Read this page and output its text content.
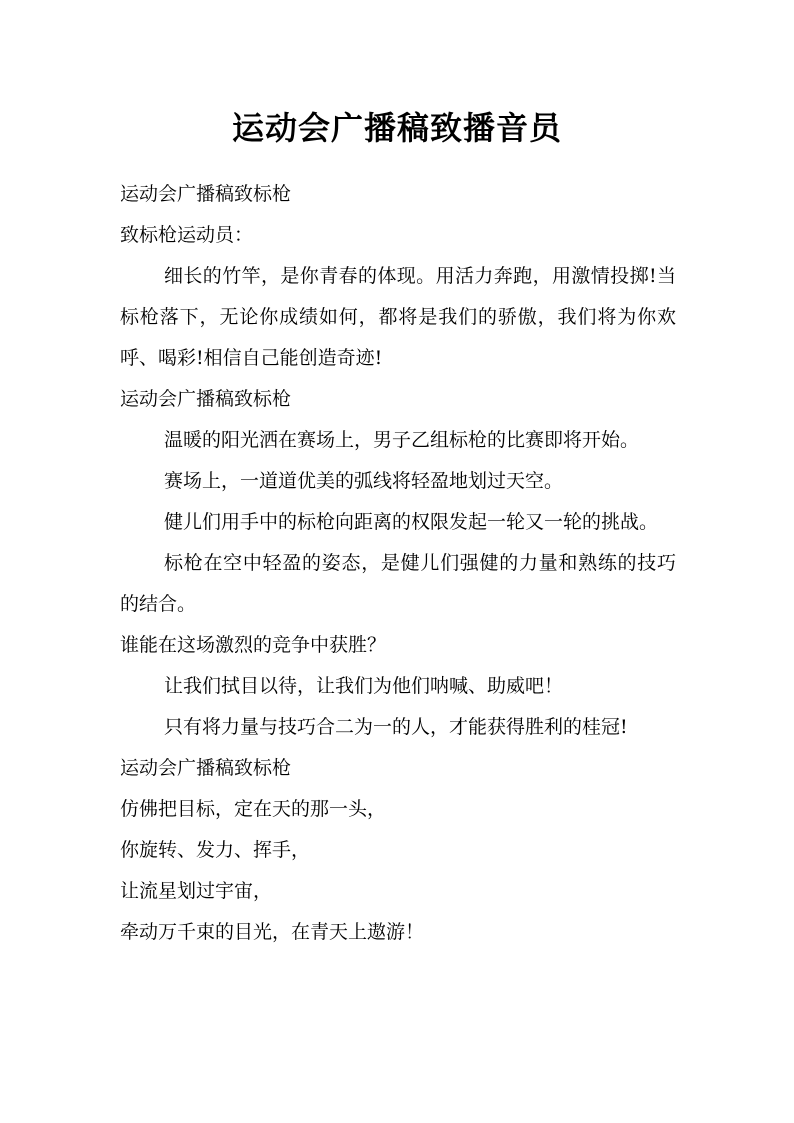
运动会广播稿致播音员

运动会广播稿致标枪

致标枪运动员：

细长的竹竿，是你青春的体现。用活力奔跑，用激情投掷!当标枪落下，无论你成绩如何，都将是我们的骄傲，我们将为你欢呼、喝彩!相信自己能创造奇迹!

运动会广播稿致标枪

温暖的阳光洒在赛场上，男子乙组标枪的比赛即将开始。

赛场上，一道道优美的弧线将轻盈地划过天空。

健儿们用手中的标枪向距离的权限发起一轮又一轮的挑战。

标枪在空中轻盈的姿态，是健儿们强健的力量和熟练的技巧的结合。

谁能在这场激烈的竞争中获胜？

让我们拭目以待，让我们为他们呐喊、助威吧！

只有将力量与技巧合二为一的人，才能获得胜利的桂冠!

运动会广播稿致标枪

仿佛把目标，定在天的那一头，

你旋转、发力、挥手，

让流星划过宇宙，

牵动万千束的目光，在青天上遨游！
